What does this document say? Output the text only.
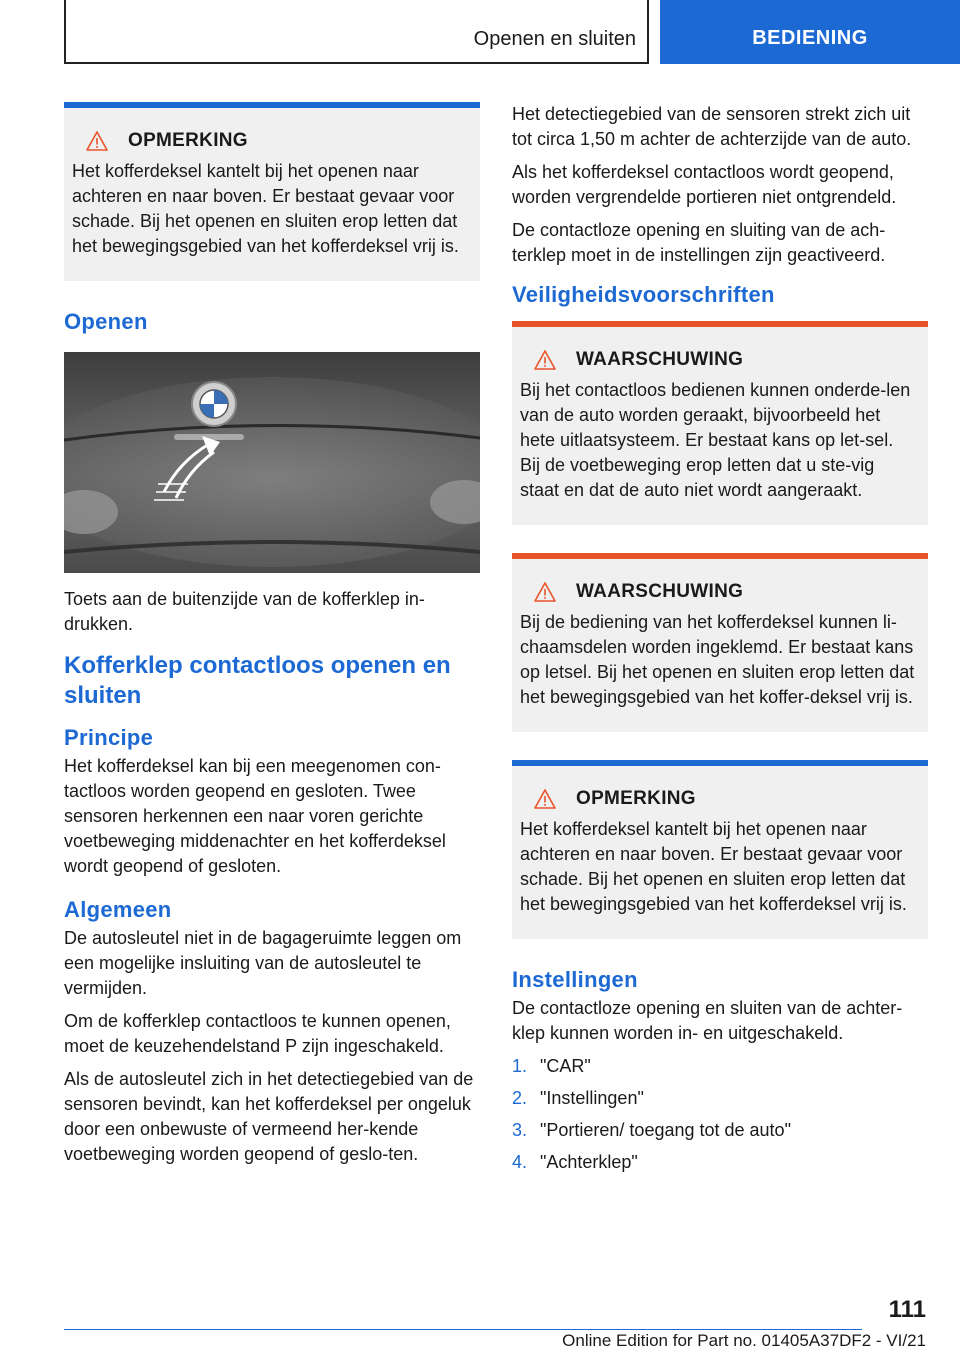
Openen en sluiten	BEDIENING
OPMERKING
Het kofferdeksel kantelt bij het openen naar achteren en naar boven. Er bestaat gevaar voor schade. Bij het openen en sluiten erop letten dat het bewegingsgebied van het kofferdeksel vrij is.
Openen

Toets aan de buitenzijde van de kofferklep in-drukken.

Kofferklep contactloos openen en sluiten
Principe

Het kofferdeksel kan bij een meegenomen con-tactloos worden geopend en gesloten. Twee sensoren herkennen een naar voren gerichte voetbeweging middenachter en het kofferdeksel wordt geopend of gesloten.

Algemeen

De autosleutel niet in de bagageruimte leggen om een mogelijke insluiting van de autosleutel te vermijden.

Om de kofferklep contactloos te kunnen openen, moet de keuzehendelstand P zijn ingeschakeld.

Als de autosleutel zich in het detectiegebied van de sensoren bevindt, kan het kofferdeksel per ongeluk door een onbewuste of vermeend her-kende voetbeweging worden geopend of geslo-ten.

Het detectiegebied van de sensoren strekt zich uit tot circa 1,50 m achter de achterzijde van de auto.

Als het kofferdeksel contactloos wordt geopend, worden vergrendelde portieren niet ontgrendeld.

De contactloze opening en sluiting van de ach-terklep moet in de instellingen zijn geactiveerd.

Veiligheidsvoorschriften
WAARSCHUWING
Bij het contactloos bedienen kunnen onderde-len van de auto worden geraakt, bijvoorbeeld het hete uitlaatsysteem. Er bestaat kans op let-sel. Bij de voetbeweging erop letten dat u ste-vig staat en dat de auto niet wordt aangeraakt.
WAARSCHUWING
Bij de bediening van het kofferdeksel kunnen li-chaamsdelen worden ingeklemd. Er bestaat kans op letsel. Bij het openen en sluiten erop letten dat het bewegingsgebied van het koffer-deksel vrij is.
OPMERKING
Het kofferdeksel kantelt bij het openen naar achteren en naar boven. Er bestaat gevaar voor schade. Bij het openen en sluiten erop letten dat het bewegingsgebied van het kofferdeksel vrij is.
Instellingen

De contactloze opening en sluiten van de achter-klep kunnen worden in- en uitgeschakeld.

1. "CAR"
2. "Instellingen"
3. "Portieren/ toegang tot de auto"
4. "Achterklep"
111
Online Edition for Part no. 01405A37DF2 - VI/21
